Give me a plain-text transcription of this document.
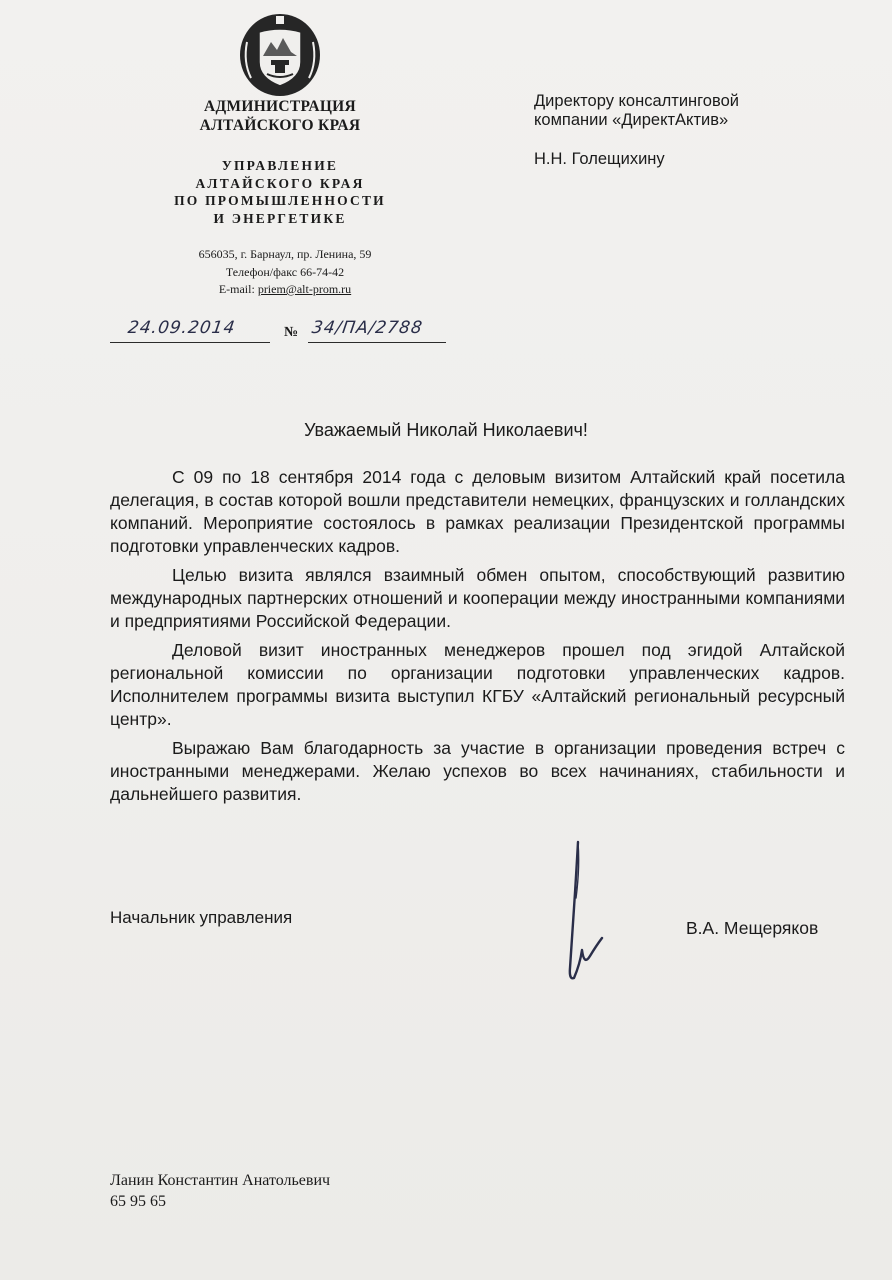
АДМИНИСТРАЦИЯ
АЛТАЙСКОГО КРАЯ
УПРАВЛЕНИЕ
АЛТАЙСКОГО КРАЯ
ПО ПРОМЫШЛЕННОСТИ
И ЭНЕРГЕТИКЕ
656035, г. Барнаул, пр. Ленина, 59
Телефон/факс 66-74-42
E-mail: priem@alt-prom.ru
24.09.2014	№ 34/ПА/2788
Директору консалтинговой
компании «ДиректАктив»
Н.Н. Голещихину
Уважаемый Николай Николаевич!

С 09 по 18 сентября 2014 года с деловым визитом Алтайский край посетила делегация, в состав которой вошли представители немецких, французских и голландских компаний. Мероприятие состоялось в рамках реализации Президентской программы подготовки управленческих кадров.

Целью визита являлся взаимный обмен опытом, способствующий развитию международных партнерских отношений и кооперации между иностранными компаниями и предприятиями Российской Федерации.

Деловой визит иностранных менеджеров прошел под эгидой Алтайской региональной комиссии по организации подготовки управленческих кадров. Исполнителем программы визита выступил КГБУ «Алтайский региональный ресурсный центр».

Выражаю Вам благодарность за участие в организации проведения встреч с иностранными менеджерами. Желаю успехов во всех начинаниях, стабильности и дальнейшего развития.

Начальник управления
В.А. Мещеряков
Ланин Константин Анатольевич
65 95 65
